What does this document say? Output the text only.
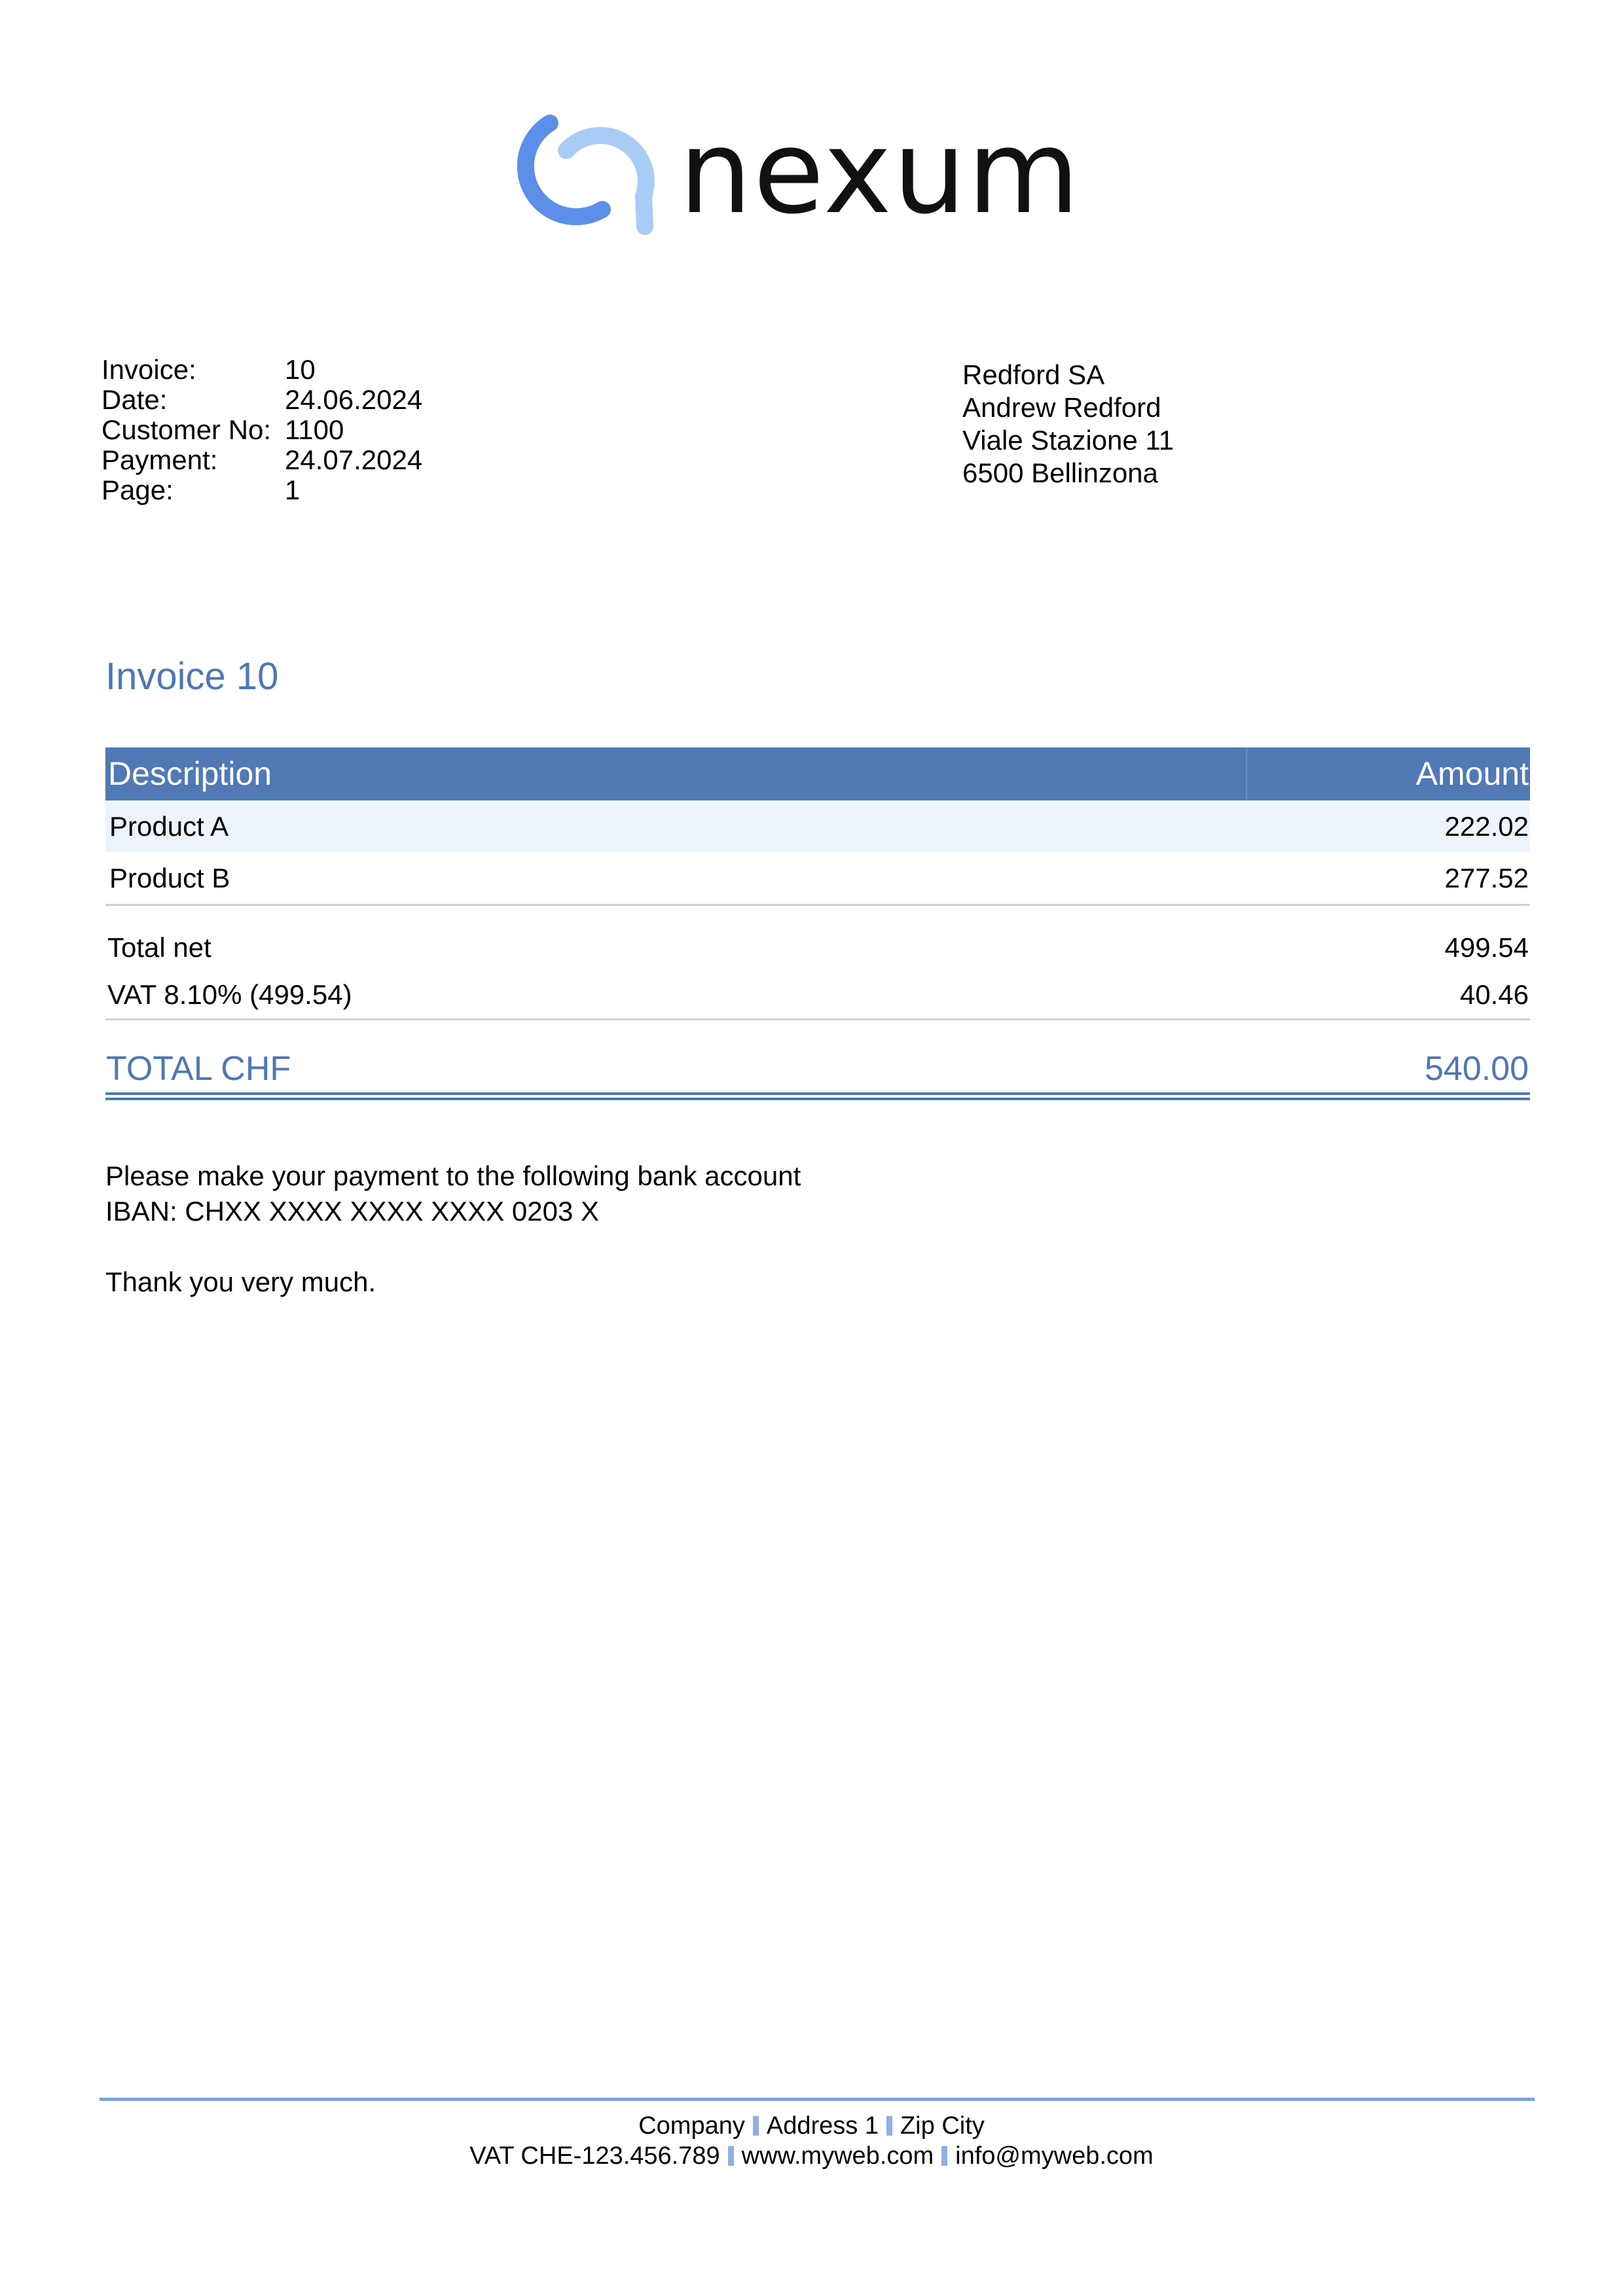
nexum
Invoice:	10
Date:	24.06.2024
Customer No: 1100
Payment:	24.07.2024
Page:	1
Redford SA
Andrew Redford
Viale Stazione 11
6500 Bellinzona
Invoice 10
Description	Amount
Product A	222.02
Product B	277.52
Total net	499.54
VAT 8.10% (499.54)	40.46
TOTAL CHF	540.00

Please make your payment to the following bank account

IBAN: CHXX XXXX XXXX XXXX 0203 X

Thank you very much.

Company Address 1 Zip City
VAT CHE-123.456.789 www.myweb.com info@myweb.com
